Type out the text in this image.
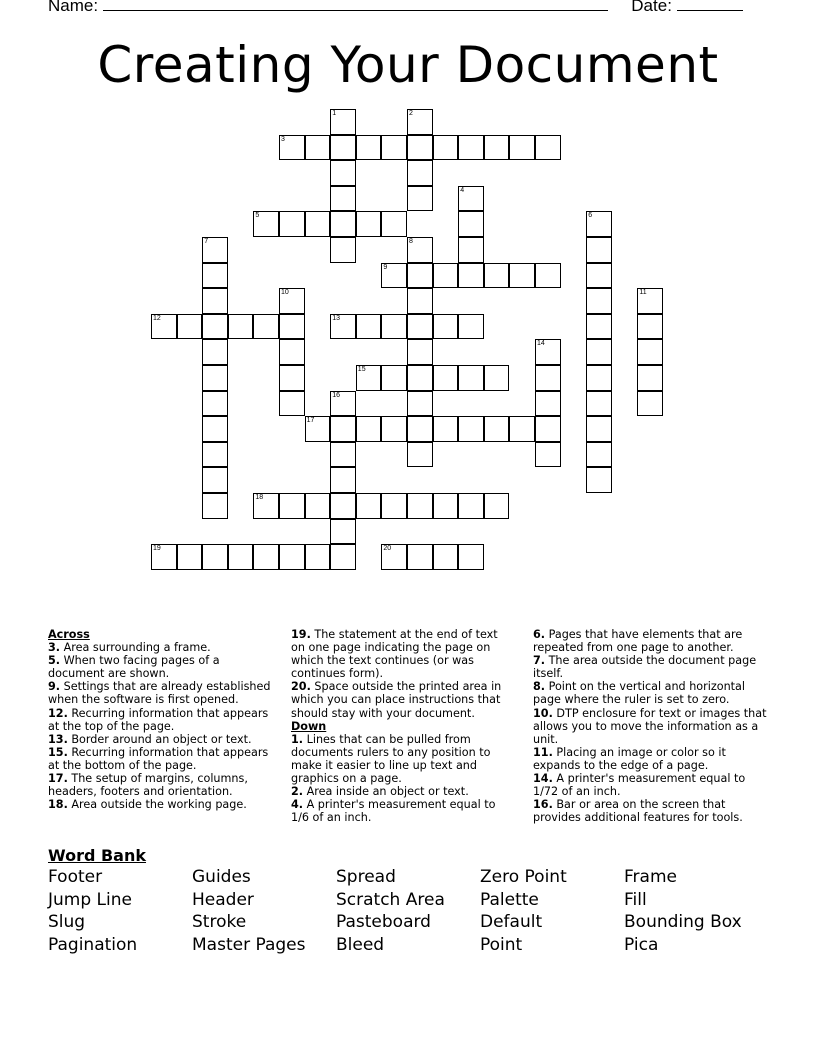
Name:	Date:
Creating Your Document
1	2
3
4
5	6
7	8
9
10	11
12	13
14
15
16
17
18
19	20
Across
3. Area surrounding a frame.
5. When two facing pages of a document are shown.
9. Settings that are already established when the software is first opened.
12. Recurring information that appears at the top of the page.
13. Border around an object or text.
15. Recurring information that appears at the bottom of the page.
17. The setup of margins, columns, headers, footers and orientation.
18. Area outside the working page.
19. The statement at the end of text on one page indicating the page on which the text continues (or was continues form).
20. Space outside the printed area in which you can place instructions that should stay with your document.
Down
1. Lines that can be pulled from documents rulers to any position to make it easier to line up text and graphics on a page.
2. Area inside an object or text.
4. A printer's measurement equal to 1/6 of an inch.
6. Pages that have elements that are repeated from one page to another.
7. The area outside the document page itself.
8. Point on the vertical and horizontal page where the ruler is set to zero.
10. DTP enclosure for text or images that allows you to move the information as a unit.
11. Placing an image or color so it expands to the edge of a page.
14. A printer's measurement equal to 1/72 of an inch.
16. Bar or area on the screen that provides additional features for tools.
Word Bank
Footer	Guides	Spread	Zero Point	Frame
Jump Line	Header	Scratch Area	Palette	Fill
Slug	Stroke	Pasteboard	Default	Bounding Box
Pagination	Master Pages	Bleed	Point	Pica
